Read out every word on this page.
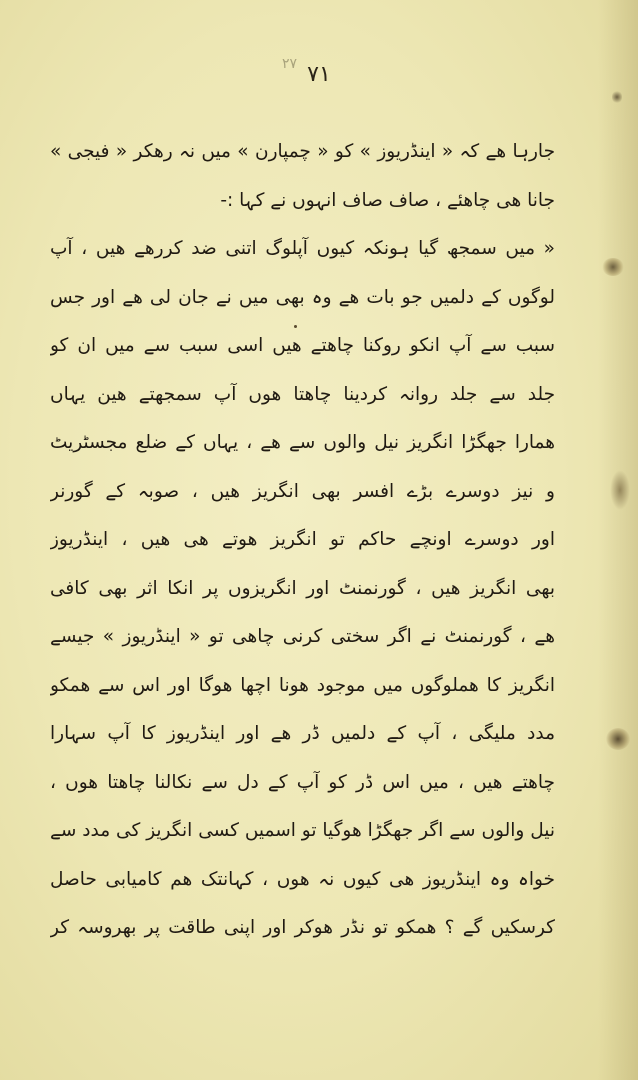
۲۷ ۷۱
جارہا ھے کہ « اینڈریوز » کو « چمپارن » میں نہ رھکر « فیجی »
جانا ھی چاھئے ، صاف صاف انہوں نے کہا :-
« میں سمجھ گیا ہونکہ کیوں آپلوگ اتنی ضد کررھے ھیں ، آپ
لوگوں کے دلمیں جو بات ھے وہ بھی میں نے جان لی ھے اور جس
سبب سے آپ انکو روکنا چاھتے ھیں اسی سبب سے میں ان کو
جلد سے جلد روانہ کردینا چاھتا ھوں آپ سمجھتے ھین یہاں
ھمارا جھگڑا انگریز نیل والوں سے ھے ، یہاں کے ضلع مجسٹریٹ
و نیز دوسرے بڑے افسر بھی انگریز ھیں ، صوبہ کے گورنر
اور دوسرے اونچے حاکم تو انگریز ھوتے ھی ھیں ، اینڈریوز
بھی انگریز ھیں ، گورنمنٹ اور انگریزوں پر انکا اثر بھی کافی
ھے ، گورنمنٹ نے اگر سختی کرنی چاھی تو « اینڈریوز » جیسے
انگریز کا ھملوگوں میں موجود ھونا اچھا ھوگا اور اس سے ھمکو
مدد ملیگی ، آپ کے دلمیں ڈر ھے اور اینڈریوز کا آپ سہارا
چاھتے ھیں ، میں اس ڈر کو آپ کے دل سے نکالنا چاھتا ھوں ،
نیل والوں سے اگر جھگڑا ھوگیا تو اسمیں کسی انگریز کی مدد سے
خواہ وہ اینڈریوز ھی کیوں نہ ھوں ، کہانتک ھم کامیابی حاصل
کرسکیں گے ؟ ھمکو تو نڈر ھوکر اور اپنی طاقت پر بھروسہ کر
